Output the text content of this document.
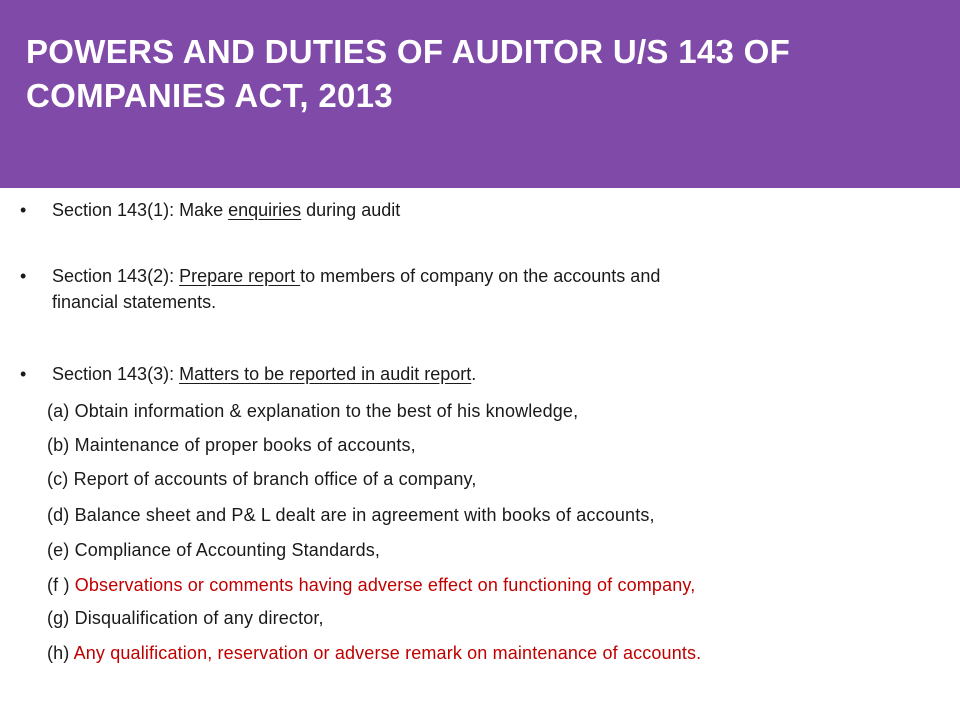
POWERS AND DUTIES OF AUDITOR U/S 143 OF
COMPANIES ACT, 2013
•	Section 143(1): Make enquiries during audit
•	Section 143(2): Prepare report to members of company on the accounts and
financial statements.
•	Section 143(3): Matters to be reported in audit report.
(a) Obtain information & explanation to the best of his knowledge,
(b) Maintenance of proper books of accounts,
(c) Report of accounts of branch office of a company,
(d) Balance sheet and P& L dealt are in agreement with books of accounts,
(e) Compliance of Accounting Standards,
(f ) Observations or comments having adverse effect on functioning of company,
(g) Disqualification of any director,
(h) Any qualification, reservation or adverse remark on maintenance of accounts.
